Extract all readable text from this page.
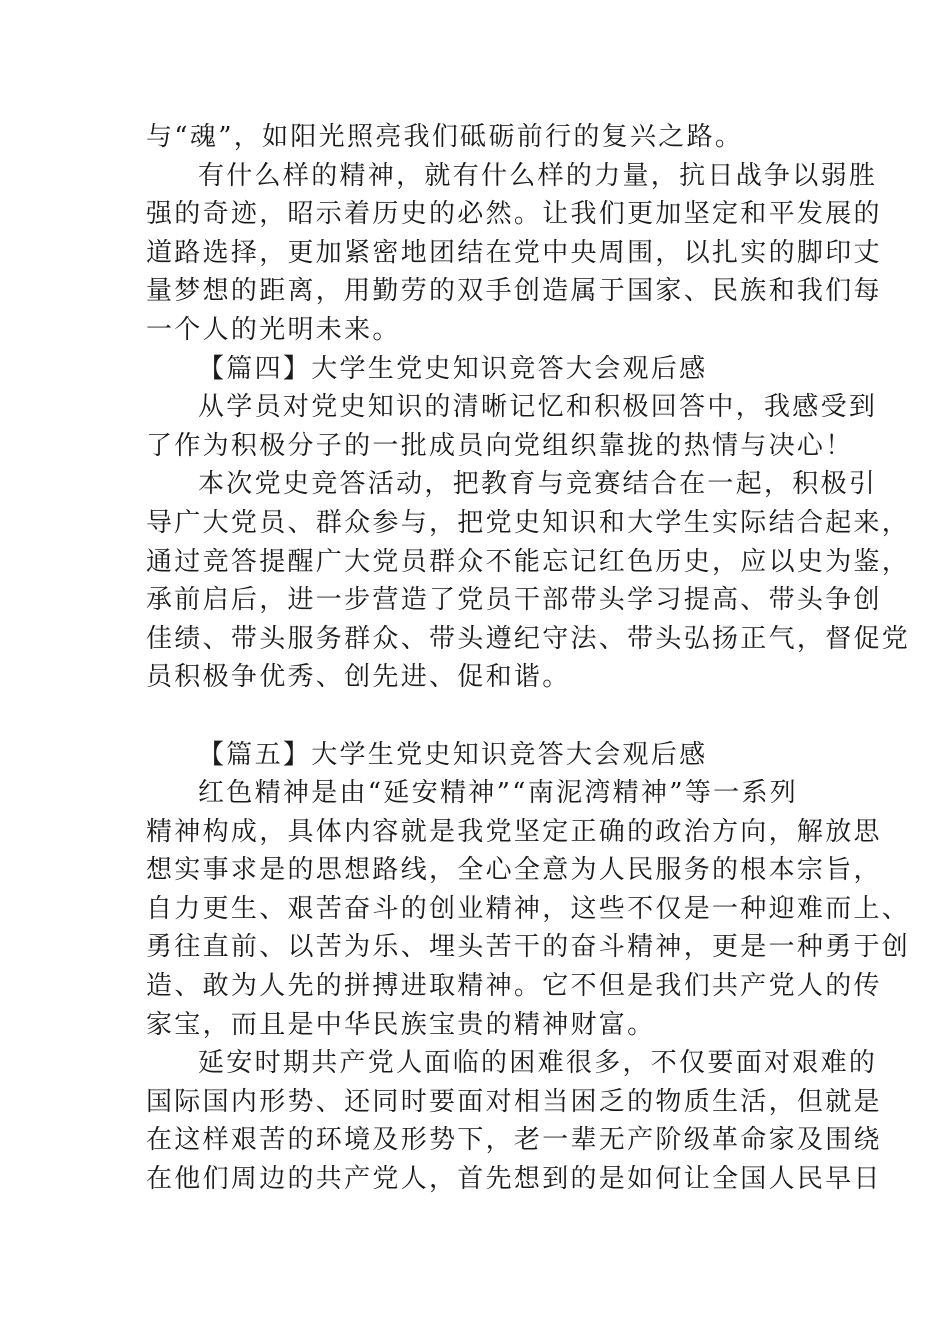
与“魂”，如阳光照亮我们砥砺前行的复兴之路。
有什么样的精神，就有什么样的力量，抗日战争以弱胜
强的奇迹，昭示着历史的必然。让我们更加坚定和平发展的
道路选择，更加紧密地团结在党中央周围，以扎实的脚印丈
量梦想的距离，用勤劳的双手创造属于国家、民族和我们每
一个人的光明未来。
【篇四】大学生党史知识竞答大会观后感
从学员对党史知识的清晰记忆和积极回答中，我感受到
了作为积极分子的一批成员向党组织靠拢的热情与决心！
本次党史竞答活动，把教育与竞赛结合在一起，积极引
导广大党员、群众参与，把党史知识和大学生实际结合起来，
通过竞答提醒广大党员群众不能忘记红色历史，应以史为鉴，
承前启后，进一步营造了党员干部带头学习提高、带头争创
佳绩、带头服务群众、带头遵纪守法、带头弘扬正气，督促党
员积极争优秀、创先进、促和谐。
【篇五】大学生党史知识竞答大会观后感
红色精神是由“延安精神”“南泥湾精神”等一系列
精神构成，具体内容就是我党坚定正确的政治方向，解放思
想实事求是的思想路线，全心全意为人民服务的根本宗旨，
自力更生、艰苦奋斗的创业精神，这些不仅是一种迎难而上、
勇往直前、以苦为乐、埋头苦干的奋斗精神，更是一种勇于创
造、敢为人先的拼搏进取精神。它不但是我们共产党人的传
家宝，而且是中华民族宝贵的精神财富。
延安时期共产党人面临的困难很多，不仅要面对艰难的
国际国内形势、还同时要面对相当困乏的物质生活，但就是
在这样艰苦的环境及形势下，老一辈无产阶级革命家及围绕
在他们周边的共产党人，首先想到的是如何让全国人民早日
